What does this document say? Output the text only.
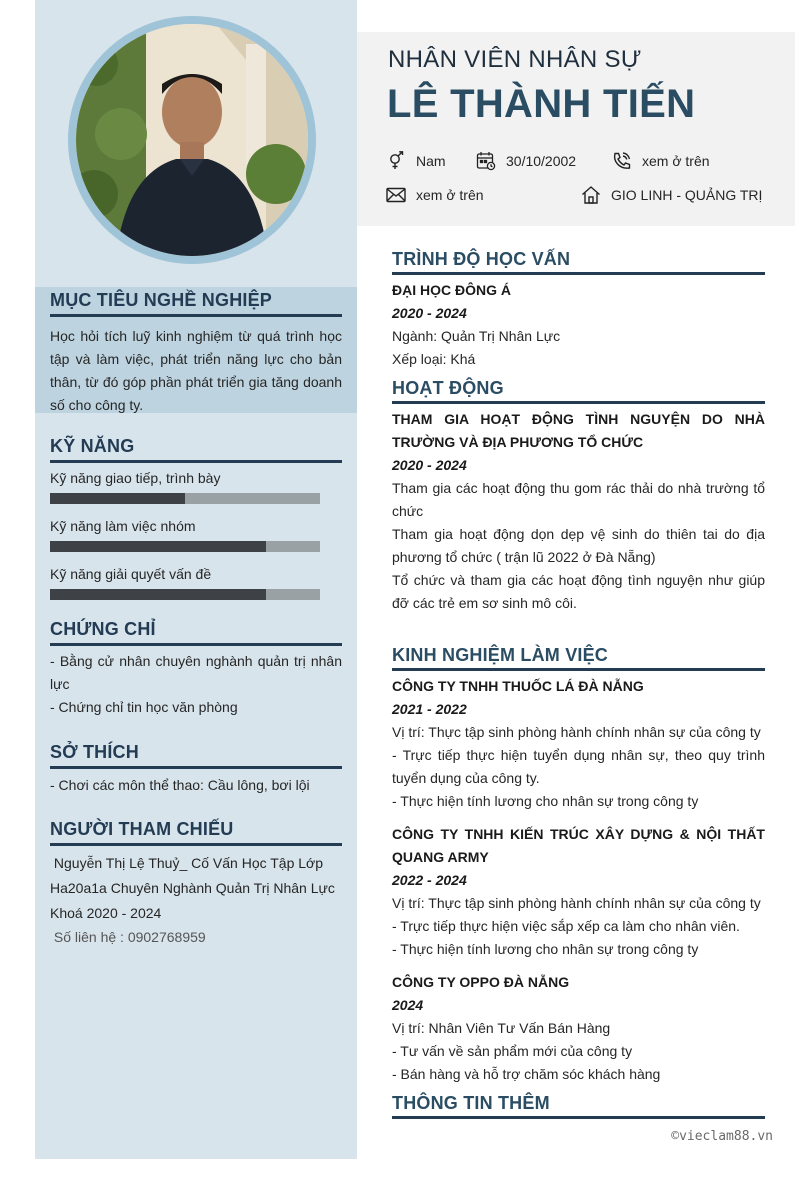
MỤC TIÊU NGHỀ NGHIỆP
Học hỏi tích luỹ kinh nghiệm từ quá trình học tập và làm việc, phát triển năng lực cho bản thân, từ đó góp phần phát triển gia tăng doanh số cho công ty.
KỸ NĂNG
Kỹ năng giao tiếp, trình bày
Kỹ năng làm việc nhóm
Kỹ năng giải quyết vấn đề
CHỨNG CHỈ
- Bằng cử nhân chuyên nghành quản trị nhân lực
- Chứng chỉ tin học văn phòng
SỞ THÍCH
- Chơi các môn thể thao: Cầu lông, bơi lội
NGƯỜI THAM CHIẾU
Nguyễn Thị Lệ Thuỷ_ Cố Vấn Học Tập Lớp Ha20a1a Chuyên Nghành Quản Trị Nhân Lực Khoá 2020 - 2024
Số liên hệ : 0902768959
NHÂN VIÊN NHÂN SỰ
LÊ THÀNH TIẾN
Nam	30/10/2002	xem ở trên
xem ở trên	GIO LINH - QUẢNG TRỊ
TRÌNH ĐỘ HỌC VẤN
ĐẠI HỌC ĐÔNG Á
2020 - 2024
Ngành: Quản Trị Nhân Lực
Xếp loại: Khá
HOẠT ĐỘNG
THAM GIA HOẠT ĐỘNG TÌNH NGUYỆN DO NHÀ TRƯỜNG VÀ ĐỊA PHƯƠNG TỔ CHỨC
2020 - 2024
Tham gia các hoạt động thu gom rác thải do nhà trường tổ chức
Tham gia hoạt động dọn dẹp vệ sinh do thiên tai do địa phương tổ chức ( trận lũ 2022 ở Đà Nẵng)
Tổ chức và tham gia các hoạt động tình nguyện như giúp đỡ các trẻ em sơ sinh mô côi.
KINH NGHIỆM LÀM VIỆC
CÔNG TY TNHH THUỐC LÁ ĐÀ NẴNG
2021 - 2022
Vị trí: Thực tập sinh phòng hành chính nhân sự của công ty
- Trực tiếp thực hiện tuyển dụng nhân sự, theo quy trình tuyển dụng của công ty.
- Thực hiện tính lương cho nhân sự trong công ty
CÔNG TY TNHH KIẾN TRÚC XÂY DỰNG & NỘI THẤT QUANG ARMY
2022 - 2024
Vị trí: Thực tập sinh phòng hành chính nhân sự của công ty
- Trực tiếp thực hiện việc sắp xếp ca làm cho nhân viên.
- Thực hiện tính lương cho nhân sự trong công ty
CÔNG TY OPPO ĐÀ NẴNG
2024
Vị trí: Nhân Viên Tư Vấn Bán Hàng
- Tư vấn về sản phẩm mới của công ty
- Bán hàng và hỗ trợ chăm sóc khách hàng
THÔNG TIN THÊM
©vieclam88.vn
